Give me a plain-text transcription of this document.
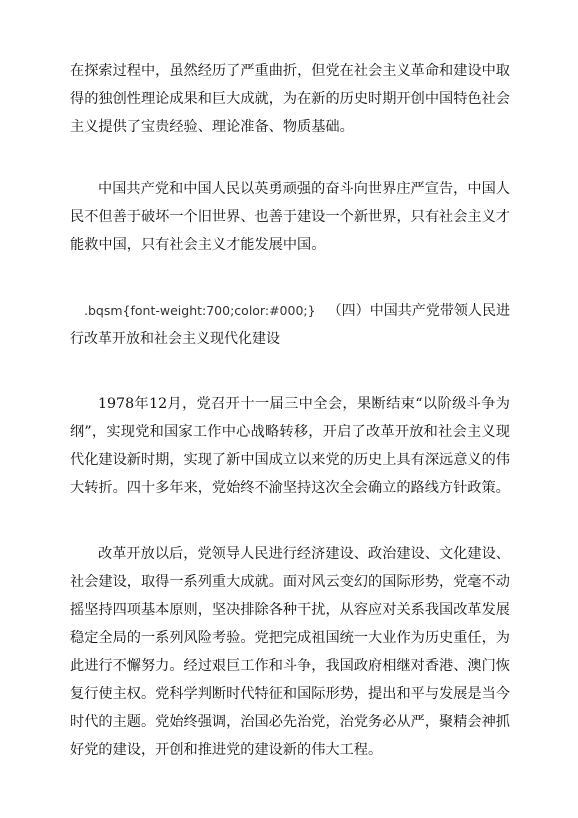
在探索过程中，虽然经历了严重曲折，但党在社会主义革命和建设中取得的独创性理论成果和巨大成就，为在新的历史时期开创中国特色社会主义提供了宝贵经验、理论准备、物质基础。

中国共产党和中国人民以英勇顽强的奋斗向世界庄严宣告，中国人民不但善于破坏一个旧世界、也善于建设一个新世界，只有社会主义才能救中国，只有社会主义才能发展中国。

.bqsm{font-weight:700;color:#000;} （四）中国共产党带领人民进行改革开放和社会主义现代化建设

1978年12月，党召开十一届三中全会，果断结束“以阶级斗争为纲”，实现党和国家工作中心战略转移，开启了改革开放和社会主义现代化建设新时期，实现了新中国成立以来党的历史上具有深远意义的伟大转折。四十多年来，党始终不渝坚持这次全会确立的路线方针政策。

改革开放以后，党领导人民进行经济建设、政治建设、文化建设、社会建设，取得一系列重大成就。面对风云变幻的国际形势，党毫不动摇坚持四项基本原则，坚决排除各种干扰，从容应对关系我国改革发展稳定全局的一系列风险考验。党把完成祖国统一大业作为历史重任，为此进行不懈努力。经过艰巨工作和斗争，我国政府相继对香港、澳门恢复行使主权。党科学判断时代特征和国际形势，提出和平与发展是当今时代的主题。党始终强调，治国必先治党，治党务必从严，聚精会神抓好党的建设，开创和推进党的建设新的伟大工程。
